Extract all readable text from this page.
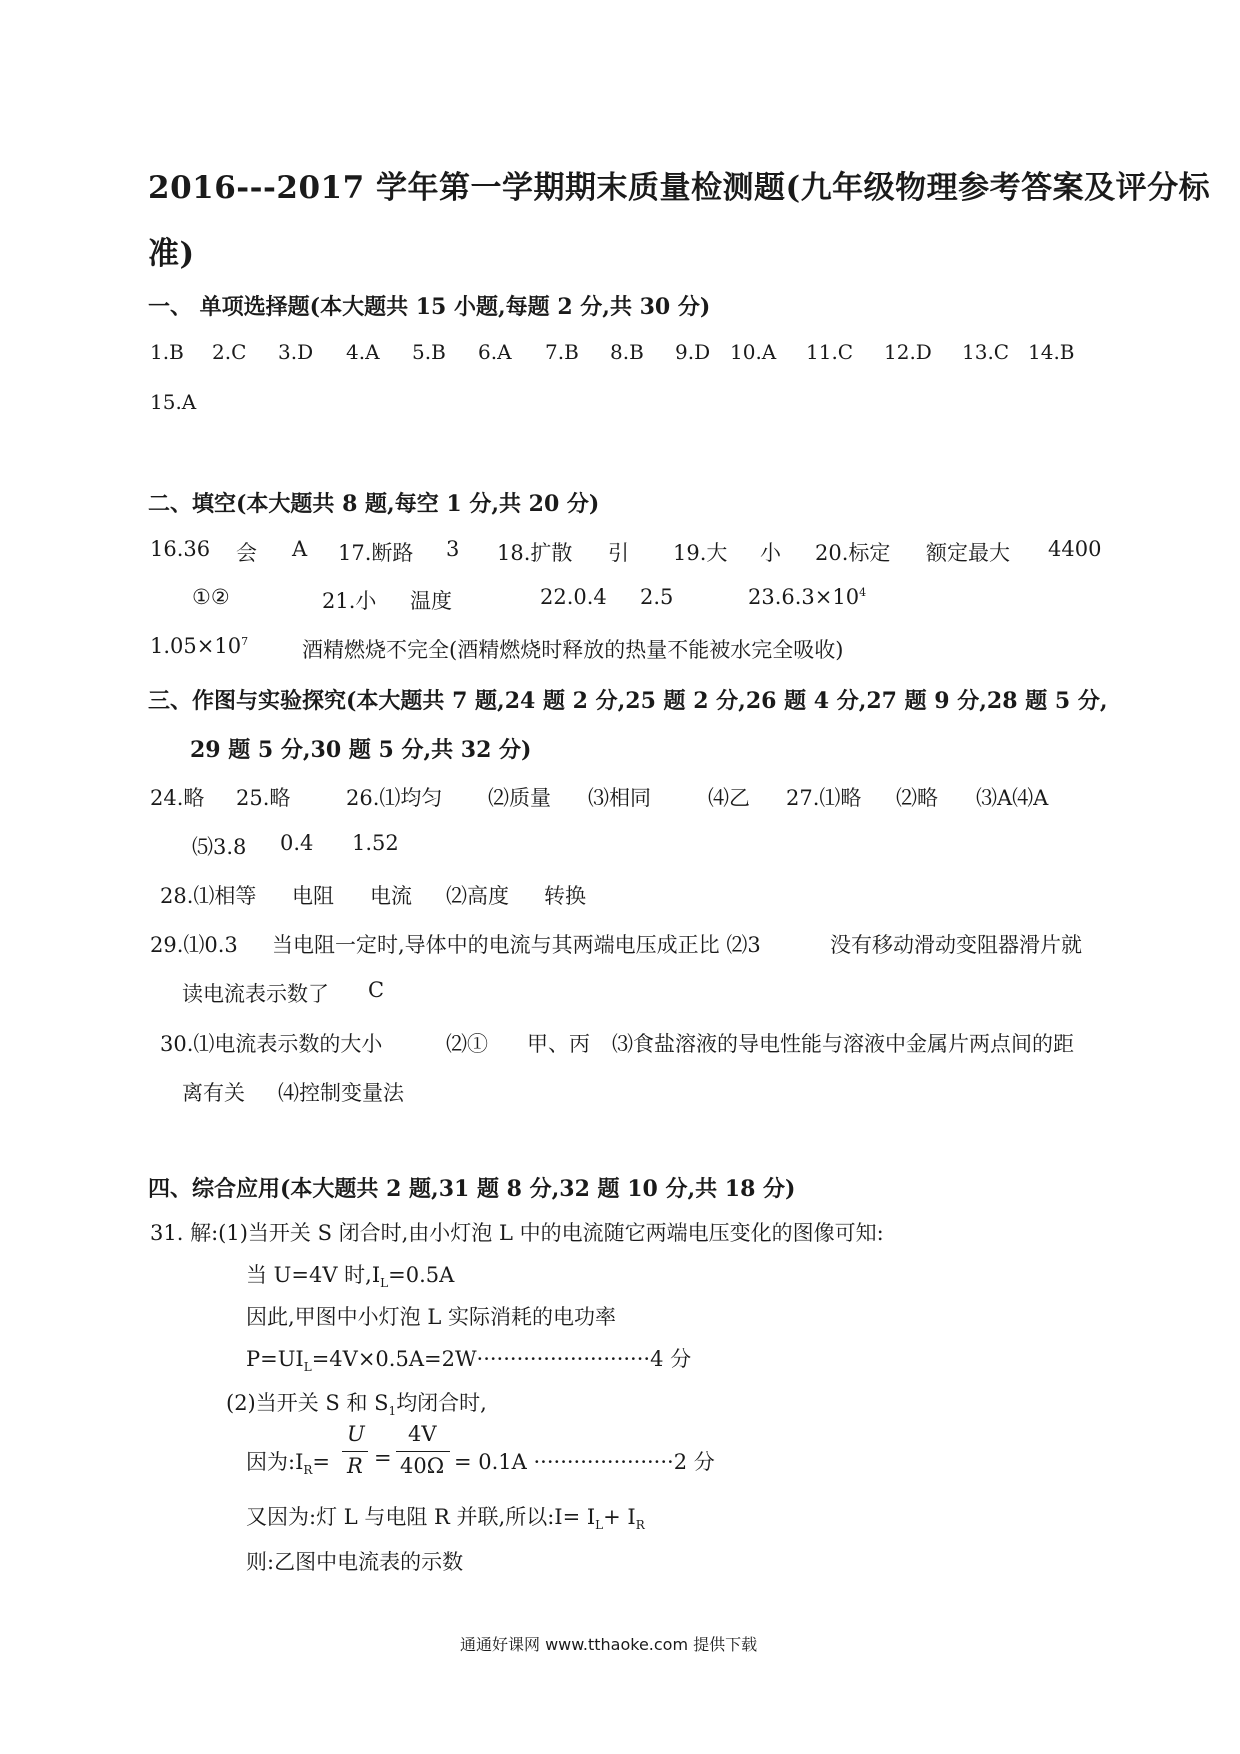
2016---2017 学年第一学期期末质量检测题(九年级物理参考答案及评分标
准)
一、 单项选择题(本大题共 15 小题,每题 2 分,共 30 分)
1.B 2.C 3.D 4.A 5.B 6.A 7.B 8.B 9.D 10.A 11.C 12.D 13.C 14.B
15.A
二、填空(本大题共 8 题,每空 1 分,共 20 分)
16.36 会 A 17.断路 3 18.扩散 引 19.大 小 20.标定 额定最大 4400
①②	21.小 温度	22.0.4 2.5	$23.6.3\times 10^4$
$1.05\times 10^7$	酒精燃烧不完全(酒精燃烧时释放的热量不能被水完全吸收)
三、作图与实验探究(本大题共 7 题,24 题 2 分,25 题 2 分,26 题 4 分,27 题 9 分,28 题 5 分,
29 题 5 分,30 题 5 分,共 32 分)
24.略 25.略	26.⑴均匀 ⑵质量 ⑶相同	⑷乙 27.⑴略 ⑵略 ⑶A⑷A
⑸3.8 0.4 1.52
28.⑴相等 电阻 电流 ⑵高度 转换
29.⑴0.3 当电阻一定时,导体中的电流与其两端电压成正比 ⑵3	没有移动滑动变阻器滑片就
读电流表示数了 C
30.⑴电流表示数的大小	⑵① 甲、丙 ⑶食盐溶液的导电性能与溶液中金属片两点间的距
离有关 ⑷控制变量法
四、综合应用(本大题共 2 题,31 题 8 分,32 题 10 分,共 18 分)
31. 解:(1)当开关 S 闭合时,由小灯泡 L 中的电流随它两端电压变化的图像可知:
当 U=4V 时$,I_L=0.5A$
因此,甲图中小灯泡 L 实际消耗的电功率
$P=UI_L=4V\times 0.5A=2W\cdot\cdot\cdot\cdot\cdot\cdot\cdot\cdot\cdot\cdot\cdot\cdot\cdot\cdot\cdot\cdot\cdot\cdot\cdot\cdot\cdot\cdot\cdot\cdot\cdot\cdot 4$ 分
(2)当开关 S 和 $S_1$均闭合时,
因为$:I_R=$
U
R =
4V
40Ω = 0.1A ·····················2 分
又因为:灯 L 与电阻 R 并联,所以:I= $I_L+ I_R$
则:乙图中电流表的示数
通通好课网 www.tthaoke.com 提供下载
